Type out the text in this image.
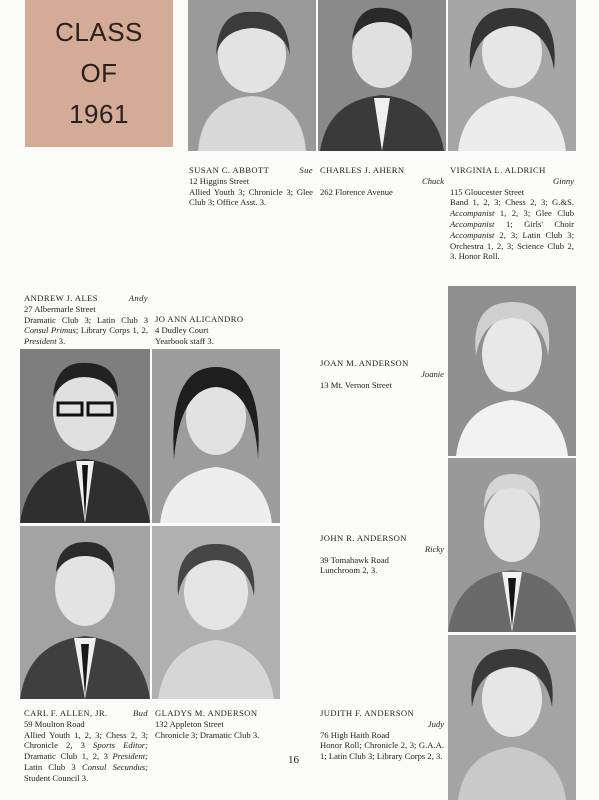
CLASS
OF
1961
SUSAN C. ABBOTT	Sue
12 Higgins Street
Allied Youth 3; Chronicle 3; Glee Club 3; Office Asst. 3.
CHARLES J. AHERN
Chuck
262 Florence Avenue
VIRGINIA L. ALDRICH
Ginny
115 Gloucester Street
Band 1, 2, 3; Chess 2, 3; G.&S. Accompanist 1, 2, 3; Glee Club Accompanist 1; Girls' Choir Accompanist 2, 3; Latin Club 3; Orchestra 1, 2, 3; Science Club 2, 3. Honor Roll.
ANDREW J. ALES	Andy
27 Albermarle Street
Dramatic Club 3; Latin Club 3 Consul Primus; Library Corps 1, 2, President 3.
JO ANN ALICANDRO
4 Dudley Court
Yearbook staff 3.
JOAN M. ANDERSON
Joanie
13 Mt. Vernon Street
JOHN R. ANDERSON
Ricky
39 Tomahawk Road
Lunchroom 2, 3.
CARL F. ALLEN, JR.	Bud
59 Moulton Road
Allied Youth 1, 2, 3; Chess 2, 3; Chronicle 2, 3 Sports Editor; Dramatic Club 1, 2, 3 President; Latin Club 3 Consul Secundus; Student Council 3.
GLADYS M. ANDERSON
132 Appleton Street
Chronicle 3; Dramatic Club 3.
JUDITH F. ANDERSON
Judy
76 High Haith Road
Honor Roll; Chronicle 2, 3; G.A.A. 1; Latin Club 3; Library Corps 2, 3.
16
